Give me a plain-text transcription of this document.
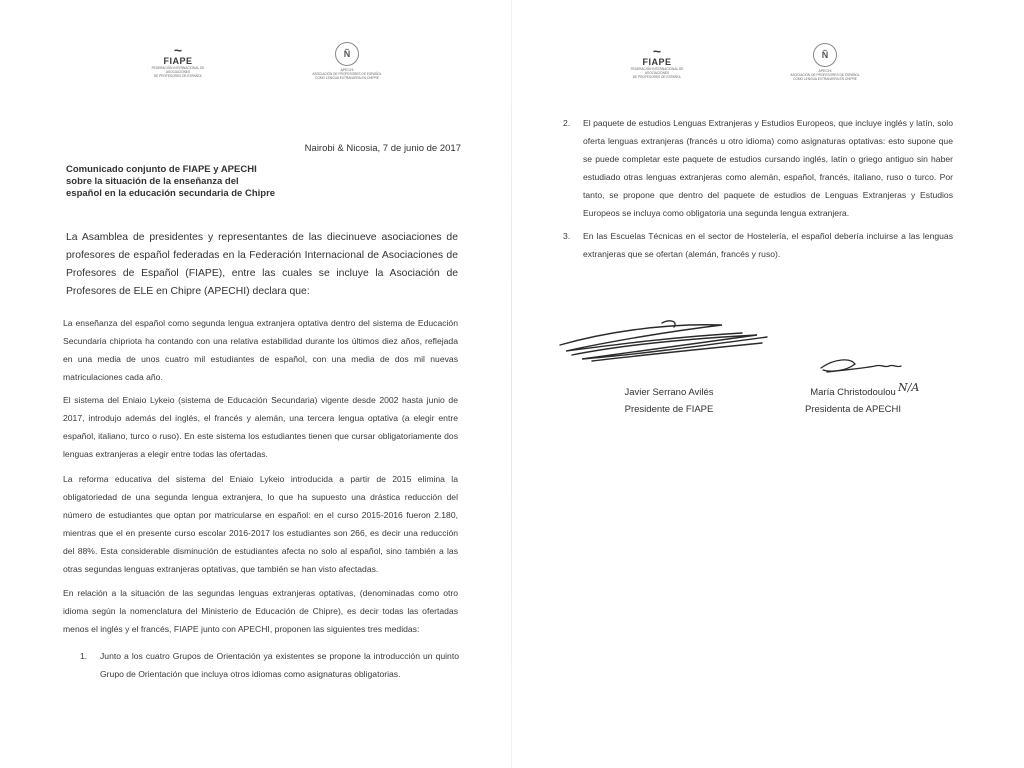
~
FIAPE
FEDERACIÓN INTERNACIONAL DE ASOCIACIONES
DE PROFESORES DE ESPAÑOL
Ñ
APECHI
ASOCIACIÓN DE PROFESORES DE ESPAÑOL
COMO LENGUA EXTRANJERA EN CHIPRE
Nairobi & Nicosia, 7 de junio de 2017
Comunicado conjunto de FIAPE y APECHI
sobre la situación de la enseñanza del
español en la educación secundaria de Chipre
La Asamblea de presidentes y representantes de las diecinueve asociaciones de profesores de español federadas en la Federación Internacional de Asociaciones de Profesores de Español (FIAPE), entre las cuales se incluye la Asociación de Profesores de ELE en Chipre (APECHI) declara que:
La enseñanza del español como segunda lengua extranjera optativa dentro del sistema de Educación Secundaria chipriota ha contando con una relativa estabilidad durante los últimos diez años, reflejada en una media de unos cuatro mil estudiantes de español, con una media de dos mil nuevas matriculaciones cada año.
El sistema del Eniaio Lykeio (sistema de Educación Secundaria) vigente desde 2002 hasta junio de 2017, introdujo además del inglés, el francés y alemán, una tercera lengua optativa (a elegir entre español, italiano, turco o ruso). En este sistema los estudiantes tienen que cursar obligatoriamente dos lenguas extranjeras a elegir entre todas las ofertadas.
La reforma educativa del sistema del Eniaio Lykeio introducida a partir de 2015 elimina la obligatoriedad de una segunda lengua extranjera, lo que ha supuesto una drástica reducción del número de estudiantes que optan por matricularse en español: en el curso 2015-2016 fueron 2.180, mientras que el en presente curso escolar 2016-2017 los estudiantes son 266, es decir una reducción del 88%. Esta considerable disminución de estudiantes afecta no solo al español, sino también a las otras segundas lenguas extranjeras optativas, que también se han visto afectadas.
En relación a la situación de las segundas lenguas extranjeras optativas, (denominadas como otro idioma según la nomenclatura del Ministerio de Educación de Chipre), es decir todas las ofertadas menos el inglés y el francés, FIAPE junto con APECHI, proponen las siguientes tres medidas:
1. Junto a los cuatro Grupos de Orientación ya existentes se propone la introducción un quinto Grupo de Orientación que incluya otros idiomas como asignaturas obligatorias.
~
FIAPE
FEDERACIÓN INTERNACIONAL DE ASOCIACIONES
DE PROFESORES DE ESPAÑOL
Ñ
APECHI
ASOCIACIÓN DE PROFESORES DE ESPAÑOL
COMO LENGUA EXTRANJERA EN CHIPRE
2. El paquete de estudios Lenguas Extranjeras y Estudios Europeos, que incluye inglés y latín, solo oferta lenguas extranjeras (francés u otro idioma) como asignaturas optativas: esto supone que se puede completar este paquete de estudios cursando inglés, latín o griego antiguo sin haber estudiado otras lenguas extranjeras como alemán, español, francés, italiano, ruso o turco. Por tanto, se propone que dentro del paquete de estudios de Lenguas Extranjeras y Estudios Europeos se incluya como obligatoria una segunda lengua extranjera.
3. En las Escuelas Técnicas en el sector de Hostelería, el español debería incluirse a las lenguas extranjeras que se ofertan (alemán, francés y ruso).
Javier Serrano Avilés
Presidente de FIAPE
María Christodoulou
Presidenta de APECHI
N/A
